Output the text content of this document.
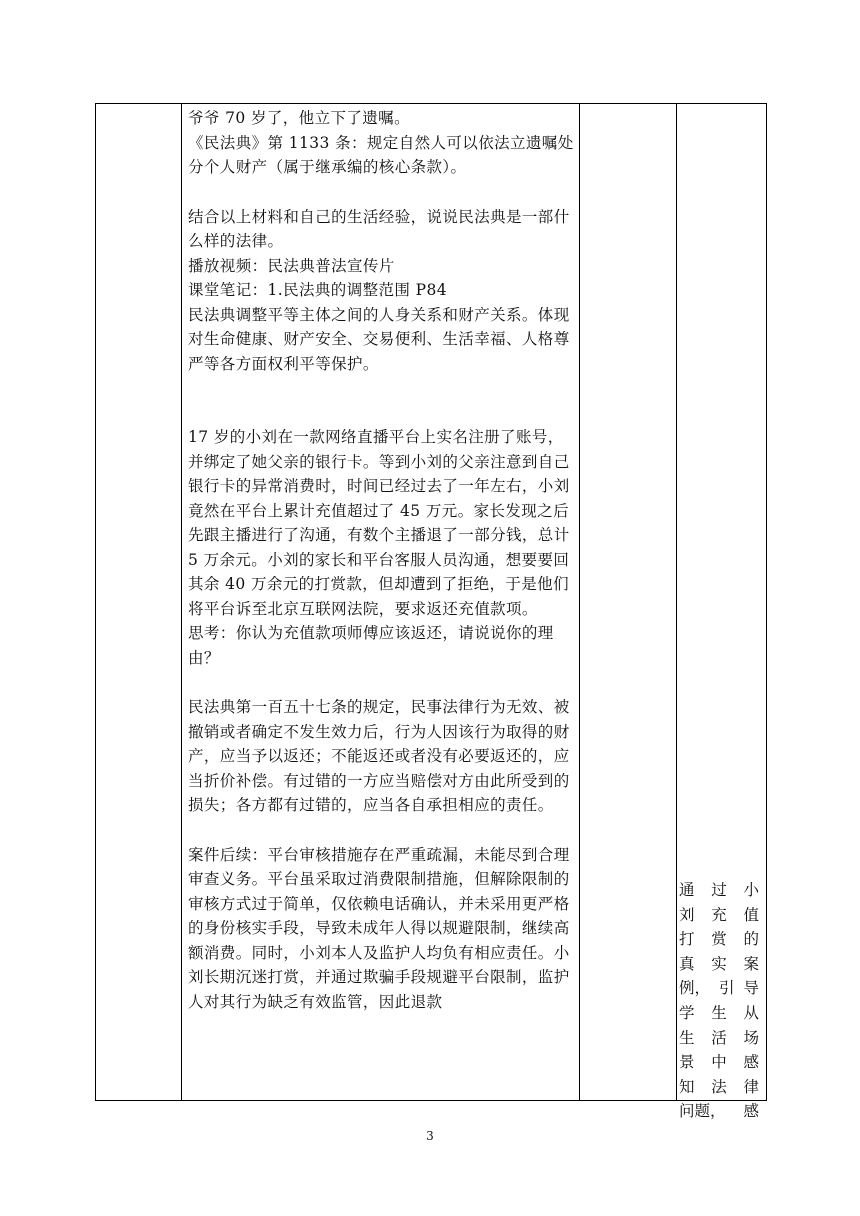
爷爷 70 岁了，他立下了遗嘱。

《民法典》第 1133 条：规定自然人可以依法立遗嘱处分个人财产（属于继承编的核心条款）。

结合以上材料和自己的生活经验，说说民法典是一部什么样的法律。

播放视频：民法典普法宣传片

课堂笔记：1.民法典的调整范围 P84

民法典调整平等主体之间的人身关系和财产关系。体现对生命健康、财产安全、交易便利、生活幸福、人格尊严等各方面权利平等保护。

17 岁的小刘在一款网络直播平台上实名注册了账号，并绑定了她父亲的银行卡。等到小刘的父亲注意到自己银行卡的异常消费时，时间已经过去了一年左右，小刘竟然在平台上累计充值超过了 45 万元。家长发现之后先跟主播进行了沟通，有数个主播退了一部分钱，总计 5 万余元。小刘的家长和平台客服人员沟通，想要要回其余 40 万余元的打赏款，但却遭到了拒绝，于是他们将平台诉至北京互联网法院，要求返还充值款项。

思考：你认为充值款项师傅应该返还，请说说你的理由？

民法典第一百五十七条的规定，民事法律行为无效、被撤销或者确定不发生效力后，行为人因该行为取得的财产，应当予以返还；不能返还或者没有必要返还的，应当折价补偿。有过错的一方应当赔偿对方由此所受到的损失；各方都有过错的，应当各自承担相应的责任。

案件后续：平台审核措施存在严重疏漏，未能尽到合理审查义务。平台虽采取过消费限制措施，但解除限制的审核方式过于简单，仅依赖电话确认，并未采用更严格的身份核实手段，导致未成年人得以规避限制，继续高额消费。同时，小刘本人及监护人均负有相应责任。小刘长期沉迷打赏，并通过欺骗手段规避平台限制，监护人对其行为缺乏有效监管，因此退款

通 过 小
刘 充 值
打 赏 的
真 实 案
例， 引 导
学 生 从
生 活 场
景 中 感
知 法 律
问题， 感
3
